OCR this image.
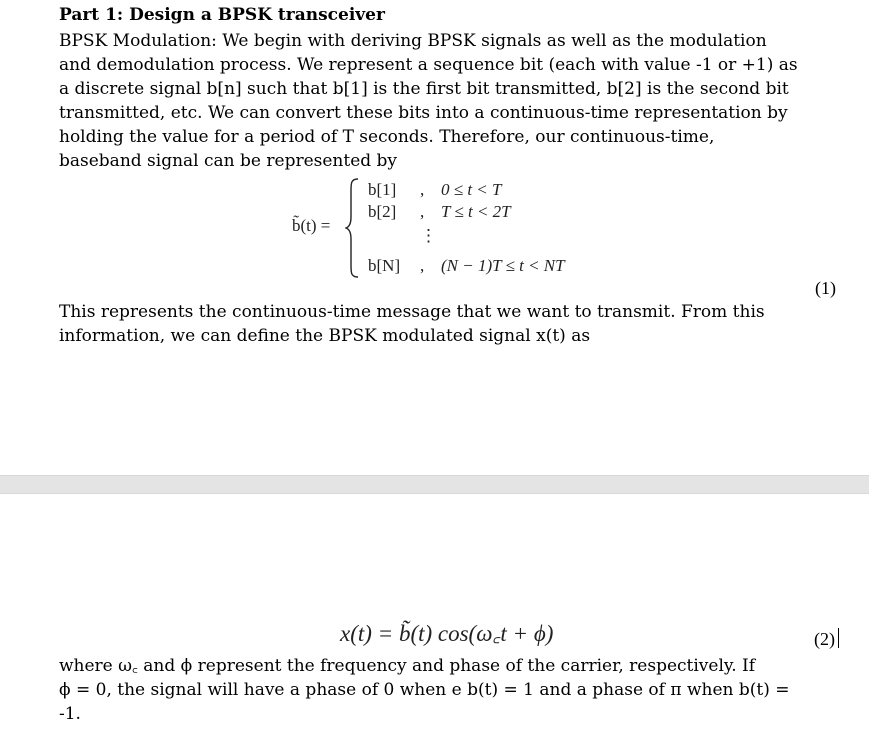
Part 1: Design a BPSK transceiver
BPSK Modulation: We begin with deriving BPSK signals as well as the modulation
and demodulation process. We represent a sequence bit (each with value -1 or +1) as
a discrete signal b[n] such that b[1] is the first bit transmitted, b[2] is the second bit
transmitted, etc. We can convert these bits into a continuous-time representation by
holding the value for a period of T seconds. Therefore, our continuous-time,
baseband signal can be represented by
b̃(t) =
b[1] , 0 ≤ t < T
b[2] , T ≤ t < 2T
⋮
b[N] , (N − 1)T ≤ t < NT
(1)
This represents the continuous-time message that we want to transmit. From this
information, we can define the BPSK modulated signal x(t) as
x(t) = b̃(t) cos(ω꜀t + ϕ)	(2)
where ω꜀ and ϕ represent the frequency and phase of the carrier, respectively. If
ϕ = 0, the signal will have a phase of 0 when e b(t) = 1 and a phase of π when b(t) =
-1.
